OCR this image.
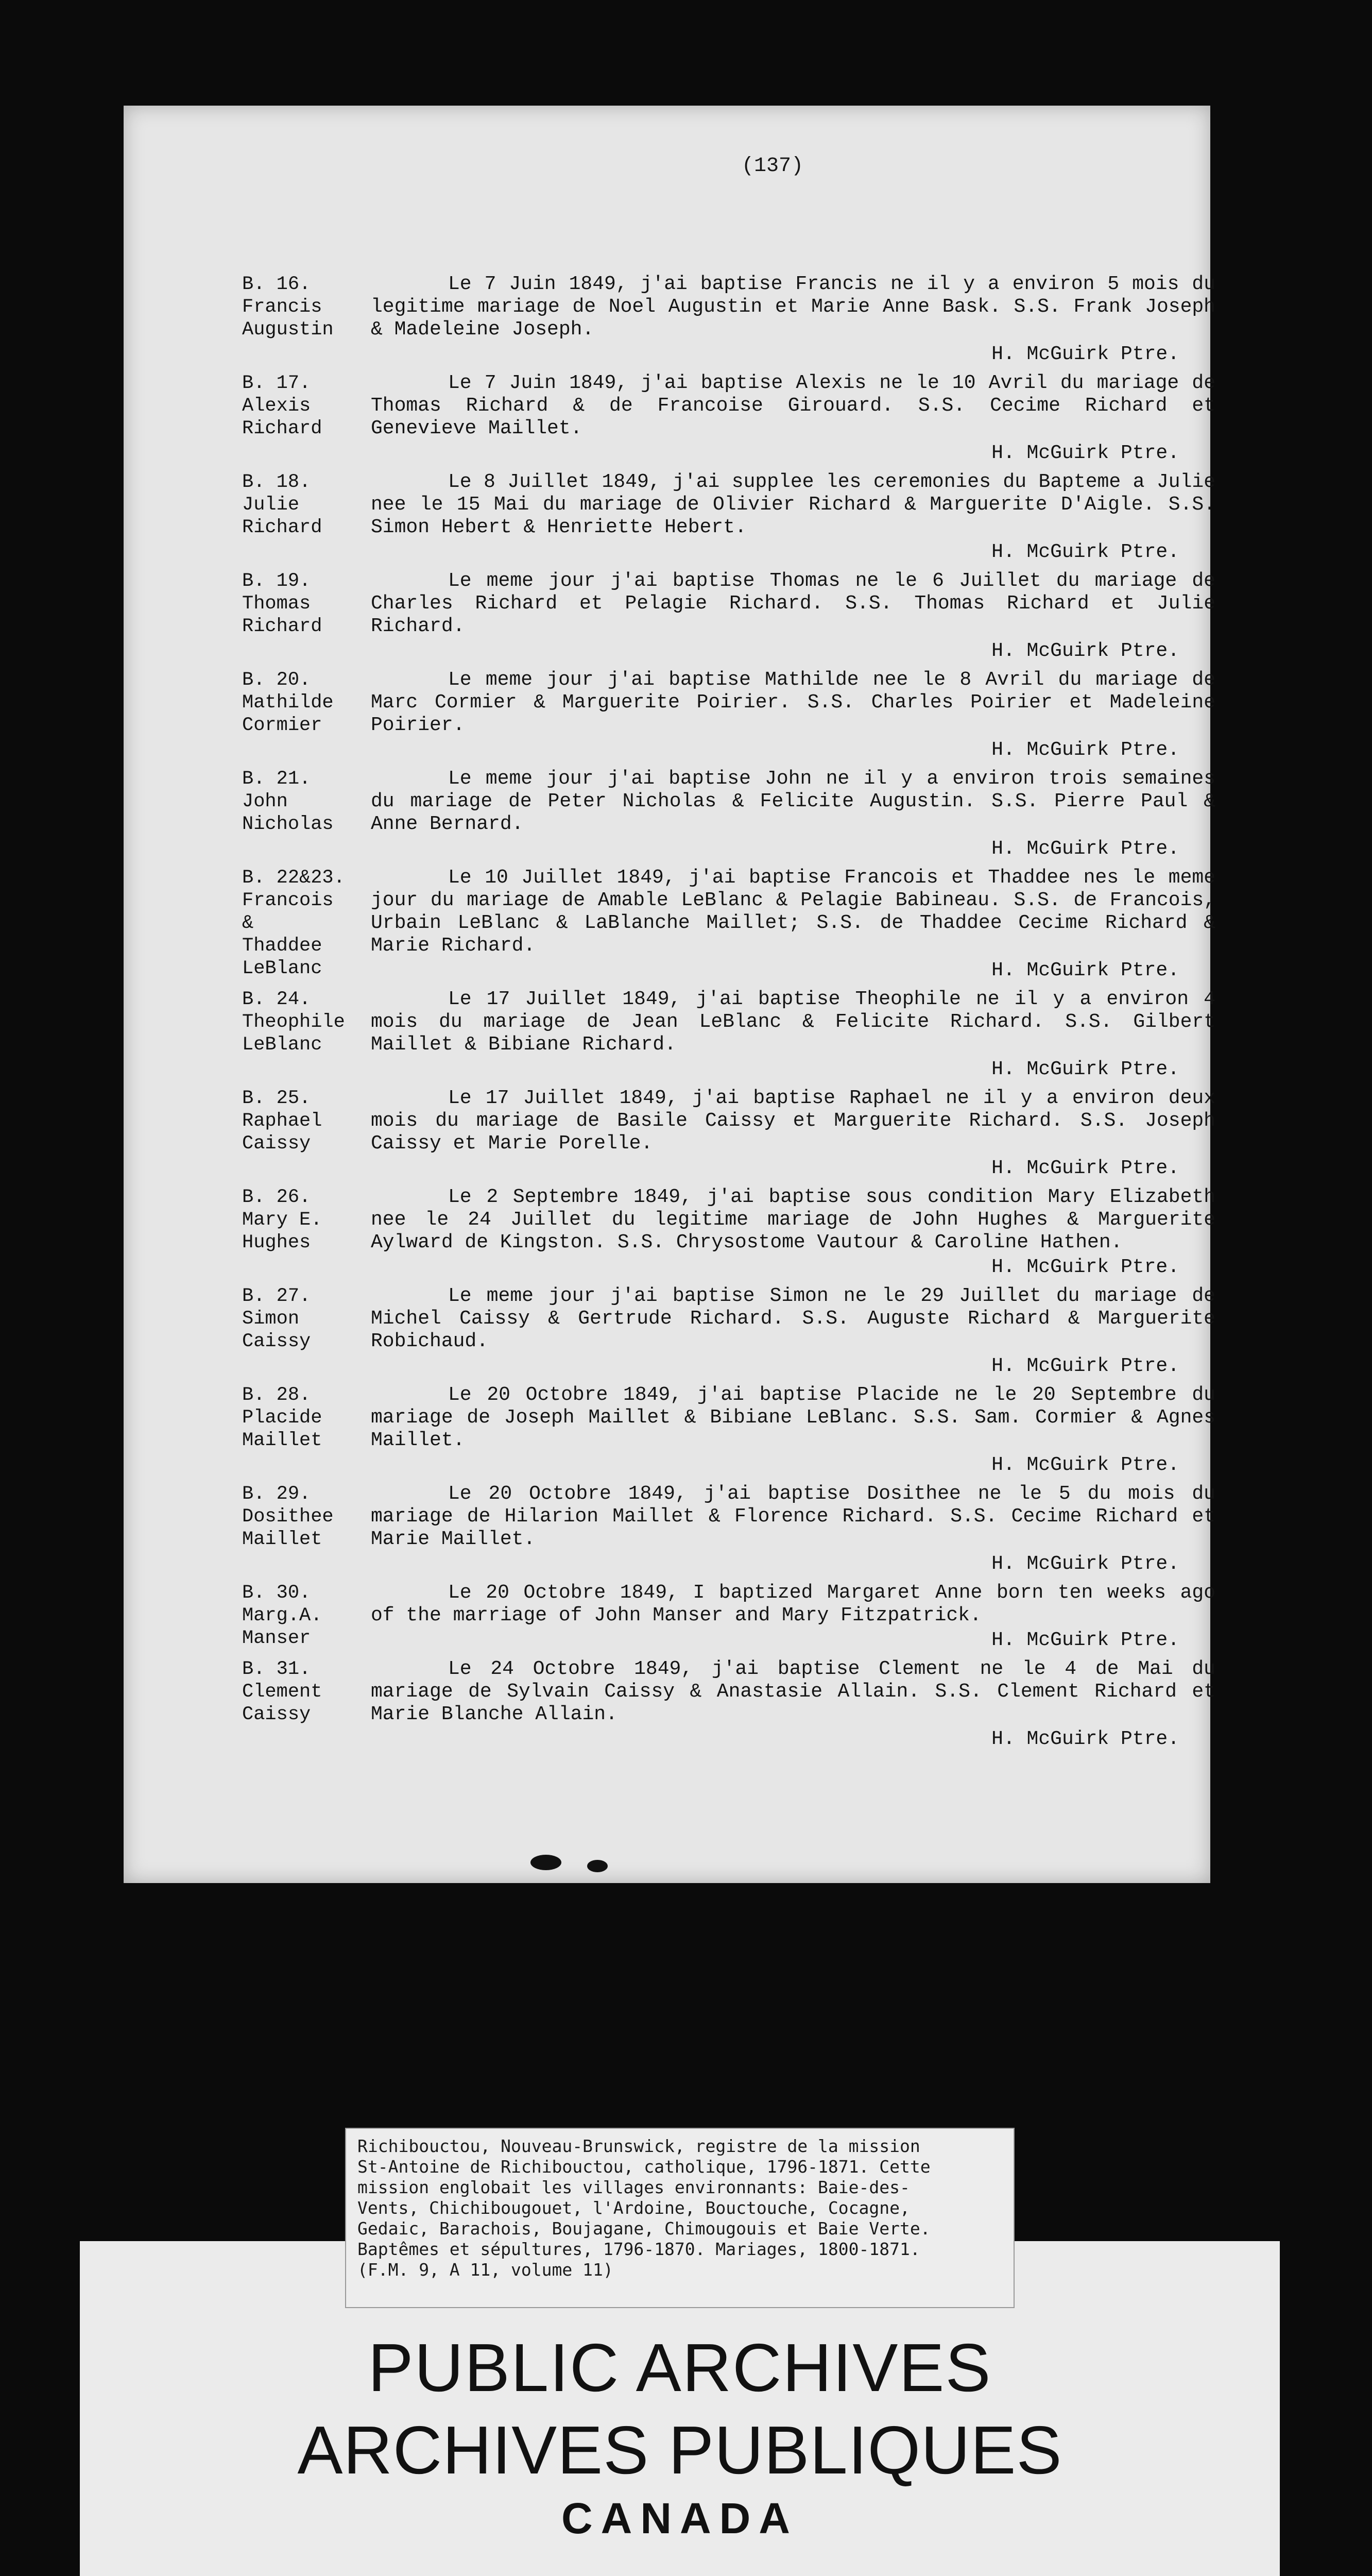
(137)
B. 16.
Francis
Augustin
Le 7 Juin 1849, j'ai baptise Francis ne il y a environ 5 mois du legitime mariage de Noel Augustin et Marie Anne Bask. S.S. Frank Joseph & Madeleine Joseph.
H. McGuirk Ptre.
B. 17.
Alexis
Richard
Le 7 Juin 1849, j'ai baptise Alexis ne le 10 Avril du mariage de Thomas Richard & de Francoise Girouard. S.S. Cecime Richard et Genevieve Maillet.
H. McGuirk Ptre.
B. 18.
Julie
Richard
Le 8 Juillet 1849, j'ai supplee les ceremonies du Bapteme a Julie nee le 15 Mai du mariage de Olivier Richard & Marguerite D'Aigle. S.S. Simon Hebert & Henriette Hebert.
H. McGuirk Ptre.
B. 19.
Thomas
Richard
Le meme jour j'ai baptise Thomas ne le 6 Juillet du mariage de Charles Richard et Pelagie Richard. S.S. Thomas Richard et Julie Richard.
H. McGuirk Ptre.
B. 20.
Mathilde
Cormier
Le meme jour j'ai baptise Mathilde nee le 8 Avril du mariage de Marc Cormier & Marguerite Poirier. S.S. Charles Poirier et Madeleine Poirier.
H. McGuirk Ptre.
B. 21.
John
Nicholas
Le meme jour j'ai baptise John ne il y a environ trois semaines du mariage de Peter Nicholas & Felicite Augustin. S.S. Pierre Paul & Anne Bernard.
H. McGuirk Ptre.
B. 22&23.
Francois
&
Thaddee
LeBlanc
Le 10 Juillet 1849, j'ai baptise Francois et Thaddee nes le meme jour du mariage de Amable LeBlanc & Pelagie Babineau. S.S. de Francois, Urbain LeBlanc & LaBlanche Maillet; S.S. de Thaddee Cecime Richard & Marie Richard.
H. McGuirk Ptre.
B. 24.
Theophile
LeBlanc
Le 17 Juillet 1849, j'ai baptise Theophile ne il y a environ 4 mois du mariage de Jean LeBlanc & Felicite Richard. S.S. Gilbert Maillet & Bibiane Richard.
H. McGuirk Ptre.
B. 25.
Raphael
Caissy
Le 17 Juillet 1849, j'ai baptise Raphael ne il y a environ deux mois du mariage de Basile Caissy et Marguerite Richard. S.S. Joseph Caissy et Marie Porelle.
H. McGuirk Ptre.
B. 26.
Mary E.
Hughes
Le 2 Septembre 1849, j'ai baptise sous condition Mary Elizabeth nee le 24 Juillet du legitime mariage de John Hughes & Marguerite Aylward de Kingston. S.S. Chrysostome Vautour & Caroline Hathen.
H. McGuirk Ptre.
B. 27.
Simon
Caissy
Le meme jour j'ai baptise Simon ne le 29 Juillet du mariage de Michel Caissy & Gertrude Richard. S.S. Auguste Richard & Marguerite Robichaud.
H. McGuirk Ptre.
B. 28.
Placide
Maillet
Le 20 Octobre 1849, j'ai baptise Placide ne le 20 Septembre du mariage de Joseph Maillet & Bibiane LeBlanc. S.S. Sam. Cormier & Agnes Maillet.
H. McGuirk Ptre.
B. 29.
Dosithee
Maillet
Le 20 Octobre 1849, j'ai baptise Dosithee ne le 5 du mois du mariage de Hilarion Maillet & Florence Richard. S.S. Cecime Richard et Marie Maillet.
H. McGuirk Ptre.
B. 30.
Marg.A.
Manser
Le 20 Octobre 1849, I baptized Margaret Anne born ten weeks ago of the marriage of John Manser and Mary Fitzpatrick.
H. McGuirk Ptre.
B. 31.
Clement
Caissy
Le 24 Octobre 1849, j'ai baptise Clement ne le 4 de Mai du mariage de Sylvain Caissy & Anastasie Allain. S.S. Clement Richard et Marie Blanche Allain.
H. McGuirk Ptre.
Richibouctou, Nouveau-Brunswick, registre de la mission
St-Antoine de Richibouctou, catholique, 1796-1871. Cette
mission englobait les villages environnants: Baie-des-
Vents, Chichibougouet, l'Ardoine, Bouctouche, Cocagne,
Gedaic, Barachois, Boujagane, Chimougouis et Baie Verte.
Baptêmes et sépultures, 1796-1870. Mariages, 1800-1871.
(F.M. 9, A 11, volume 11)
PUBLIC ARCHIVES
ARCHIVES PUBLIQUES
CANADA
